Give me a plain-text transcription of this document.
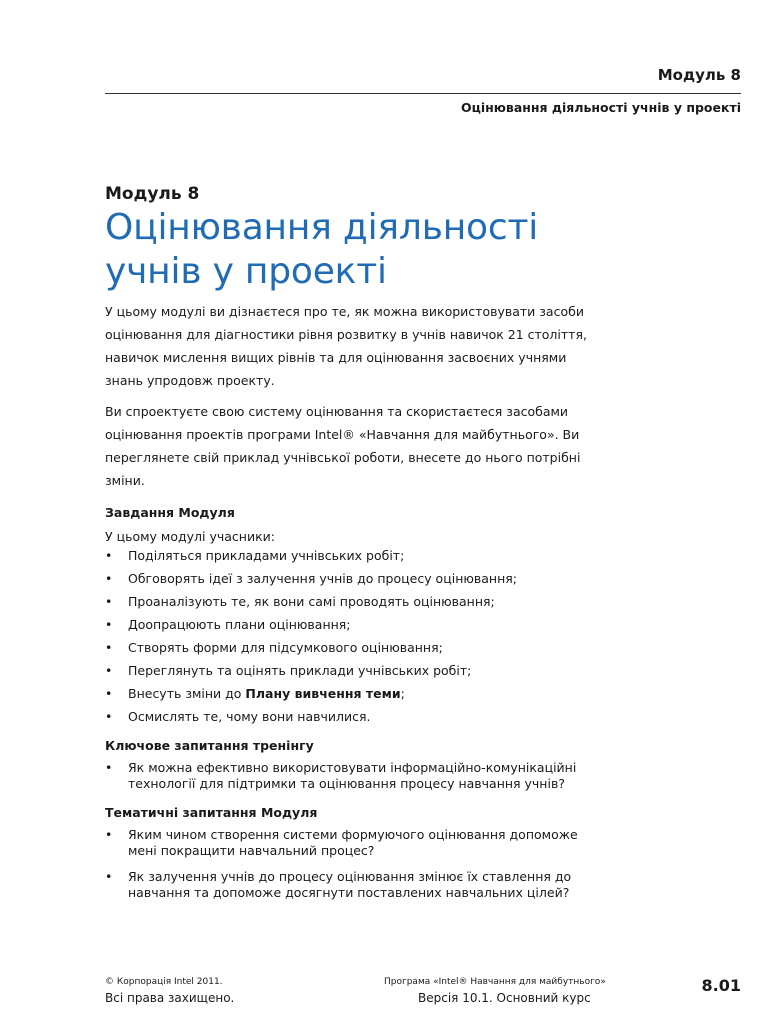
Модуль 8
Оцінювання діяльності учнів у проекті
Модуль 8
Оцінювання діяльності
учнів у проекті

У цьому модулі ви дізнаєтеся про те, як можна використовувати засоби оцінювання для діагностики рівня розвитку в учнів навичок 21 століття, навичок мислення вищих рівнів та для оцінювання засвоєних учнями знань упродовж проекту.

Ви спроектуєте свою систему оцінювання та скористаєтеся засобами оцінювання проектів програми Intel® «Навчання для майбутнього». Ви переглянете свій приклад учнівської роботи, внесете до нього потрібні зміни.

Завдання Модуля
У цьому модулі учасники:
• Поділяться прикладами учнівських робіт;
• Обговорять ідеї з залучення учнів до процесу оцінювання;
• Проаналізують те, як вони самі проводять оцінювання;
• Доопрацюють плани оцінювання;
• Створять форми для підсумкового оцінювання;
• Переглянуть та оцінять приклади учнівських робіт;
• Внесуть зміни до Плану вивчення теми;
• Осмислять те, чому вони навчилися.
Ключове запитання тренінгу
• Як можна ефективно використовувати інформаційно-комунікаційні технології для підтримки та оцінювання процесу навчання учнів?
Тематичні запитання Модуля
• Яким чином створення системи формуючого оцінювання допоможе мені покращити навчальний процес?
• Як залучення учнів до процесу оцінювання змінює їх ставлення до навчання та допоможе досягнути поставлених навчальних цілей?
© Корпорація Intel 2011.
Всі права захищено.
Програма «Intel® Навчання для майбутнього»
Версія 10.1. Основний курс
8.01
